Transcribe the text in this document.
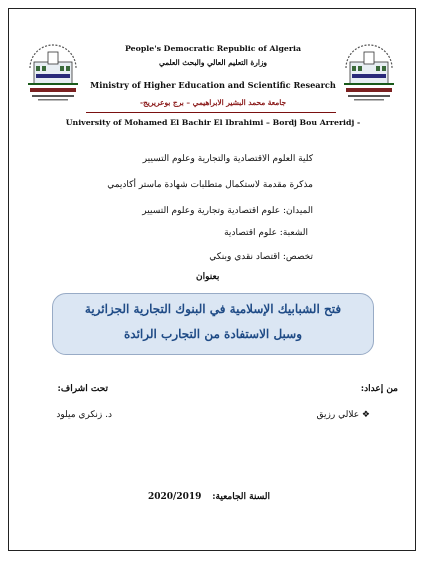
People's Democratic Republic of Algeria
وزارة التعليم العالي والبحث العلمي
Ministry of Higher Education and Scientific Research
جامعة محمد البشير الابراهيمي – برج بوعريريج-
University of Mohamed El Bachir El Ibrahimi – Bordj Bou Arreridj -
كلية العلوم الاقتصادية والتجارية وعلوم التسيير
مذكرة مقدمة لاستكمال متطلبات شهادة ماستر أكاديمي
الميدان: علوم اقتصادية وتجارية وعلوم التسيير
الشعبة: علوم اقتصادية
تخصص: اقتصاد نقدي وبنكي
بعنوان
فتح الشبابيك الإسلامية في البنوك التجارية الجزائرية
وسبل الاستفادة من التجارب الرائدة
من إعداد:
❖ علالي رزيق
تحت اشراف:
د. زنكري ميلود
2020/2019 السنة الجامعية:
